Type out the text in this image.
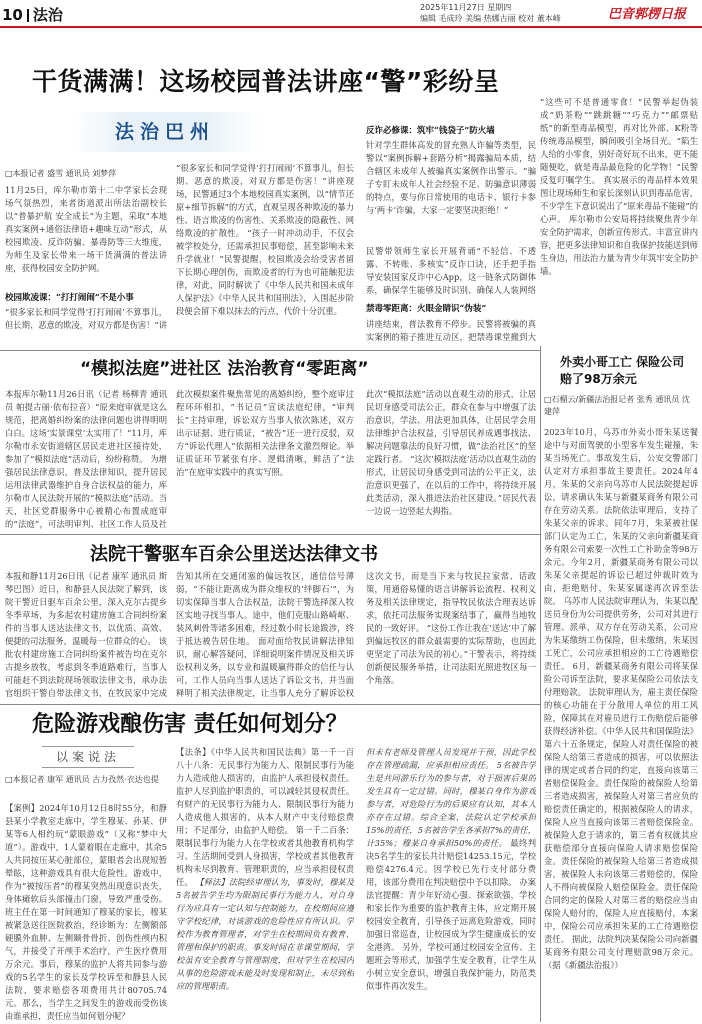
10 法治	2025年11月27日 星期四
编辑 毛成玲 美编 热娜古丽 校对 董本峰	巴音郭楞日报
干货满满！这场校园普法讲座“警”彩纷呈
法治巴州
□本报记者 盛雪 通讯员 刘梦萍
11月25日，库尔勒市第十二中学家长会现场气氛热烈，来者街道派出所法治副校长以“普暴护航 安全成长”为主题，采取“本地真实案例+通俗法律语+趣味互动”形式，从校园欺凌、反诈防骗、暴毒防等三大维度，为师生及家长带来一场干货满满的普法讲座，获得校园安全防护网。
校园欺凌课：“打打闹闹”不是小事
“很多家长和同学觉得‘打打闹闹’不算事儿，但长期、恶意的欺凌，对双方都是伤害！”讲
“很多家长和同学觉得‘打打闹闹’不算事儿，但长期、恶意的欺凌，对双方都是伤害！”讲座现场，民警通过3个本地校园真实案例，以“情节还原+细节拆解”的方式，直观呈现各种欺凌的暴力性、语言欺凌的伤害性、关系欺凌的隐蔽性、网络欺凌的扩散性。 “孩子一时冲动动手，不仅会被学校处分，还需承担民事赔偿，甚至影响未来升学就业！”民警提醒，校园欺凌会给受害者留下长期心理创伤，而欺凌者的行为也可能触犯法律，对此，同时解读了《中华人民共和国未成年人保护法》《中华人民共和国刑法》，入围起步阶段便会留下难以抹去的污点，代价十分沉重。
反诈必修课：筑牢“钱袋子”防火墙
针对学生群体高发的冒充熟人诈骗等类型，民警以“案例拆解+套路分析”揭露骗局本质，结合辖区未成年人被骗真实案例作出警示。“骗子专盯未成年人社会经验不足、防骗意识薄弱的特点，要与你日常使用的电话卡、银行卡参与‘两卡’诈骗，大家一定要坚决拒绝！”
民警带领师生家长开展背诵“不轻信、不透露、不转账、多核实”反诈口诀，还手把手指导安装国家反诈中心App，这一链条式防御体系，确保学生能够及时识别、确保人人装网络
禁毒零距离：火眼金睛识“伪装”
讲座结束，普法教育不停步。民警将被骗的真实案例的箱子推进互动区，把禁毒课堂搬到大
“这些可不是普通零食！”民警举起伪装成“奶茶粉”“跳跳糖”“巧克力”“邮票贴纸”的新型毒品模型，再对比外部、K粉等传统毒品模型，瞬间吸引全场目光。“陷生人给的小零食，别好奇好玩不出来，更不能随便吃，就是毒品最危险的化学物！”民警反复叮嘱学生。 真实展示的毒品样本效果图让现场师生和家长深刻认识到毒品危害，不少学生下意识说出了“原来毒品不能碰”的心声。 库尔勒市公安局将持续聚焦青少年安全防护需求，创新宣传形式、丰富宣讲内容，把更多法律知识和自我保护技能送到师生身边，用法治力量为青少年筑牢安全防护墙。
“模拟法庭”进社区 法治教育“零距离”
本报库尔勒11月26日讯（记者 杨柳青 通讯员 帕提古丽·依布拉音）“原来庭审就是这么规范，把离婚纠纷案的法律问题也讲得明明白白。这场‘实景课堂’太实用了！”11月，库尔勒市永安街道辖区居民走进社区接待处，参加了“模拟法庭”活动后，纷纷称赞。 为增强居民法律意识，普及法律知识，提升居民运用法律武器维护自身合法权益的能力，库尔勒市人民法院开展的“模拟法庭”活动。当天，社区党群服务中心被精心布置成庭审的“法庭”，可法明审判、社区工作人员及社
此次模拟案件聚焦常见的离婚纠纷，整个庭审过程环环相扣，“书记员”宣读法庭纪律，“审判长”主持审理，诉讼双方当事人依次陈述，双方出示证据、进行质证，“被告”还一进行反驳，双方“诉讼代理人”依据相关法律条文激烈辩论。举证质证环节紧张有序、逻辑清晰，鲜活了“法治”在庭审实践中的真实写照。
此次“模拟法庭”活动以直观生动的形式，让居民切身感受司法公正，群众在参与中增强了法治意识，学法、用法更加具体，让居民学会用法律维护合法权益，引导居民养成遇事找法、解决问题靠法的良好习惯，做“法治社区”的坚定践行者。 “这次‘模拟法庭’活动以直观生动的形式，让居民切身感受到司法的公平正义，法治意识更强了，在以后的工作中，将持续开展此类活动，深入推进法治社区建设。”居民代表一边说一边竖起大拇指。
法院干警驱车百余公里送达法律文书
本报和静11月26日讯（记者 康军 通讯员 斯琴巴图）近日，和静县人民法院了解到，该院干警近日驱车百余公里，深入克尔古提乡冬季草场，为多起农村建房施工合同纠纷案件的当事人送达法律文书，以优质、高效、便捷的司法服务，温暖每一位群众的心。 该批农村建房施工合同纠纷案件被告均在克尔古提乡放牧，考虑到冬季道路难行，当事人可能赶不到法院现场领取法律文书，承办法官组织干警自带法律文书，在牧民家中完成
告知其所在交通闭塞的偏远牧区，通信信号薄弱，“不能让距离成为群众维权的‘绊脚石’”，为切实保障当事人合法权益，法院干警选择深入牧区实地寻找当事人。途中，他们克服山路崎岖、装风刺骨等诸多困难，经过数小时长途跋涉，终于抵达被告居住地。 面对面给牧民讲解法律知识，耐心解答疑问，详细说明案件情况及相关诉讼权利义务，以专业和温暖赢得群众的信任与认可，工作人员向当事人送达了诉讼文书，并当面释明了相关法律规定，让当事人充分了解诉讼权
这次文书，而是当下来与牧民拉家常、话政策，用通俗易懂的语言讲解诉讼流程、权利义务及相关法律规定，指导牧民依法合理表达诉求，依托司法服务实现案结事了，赢得当地牧民的一致好评。 “这份工作让我在‘送达’中了解到偏远牧区的群众最需要的实际帮助，也因此更坚定了司法为民的初心。”干警表示，将持续创新便民服务举措，让司法阳光照进牧区每一个角落。
危险游戏酿伤害 责任如何划分？
以案说法
□本报记者 康军 通讯员 古力孜然·衣达也提
【案例】2024年10月12日8时55分，和静县某小学教室走廊中，学生穆某、孙某、伊某等6人相约玩“蒙眼游戏”（又称“梦中大道”）。游戏中，1人蒙着眼在走廊中，其余5人共同按压某心脏部位，蒙眼者会出现短暂晕眩，这种游戏具有很大危险性。游戏中，作为“被按压者”的穆某突然出现意识丧失，身体瘫软后头部撞击门窗，导致严重受伤。 班主任在第一时间通知了穆某的家长，穆某被紧急送往医院救治，经诊断为：左侧额部硬膜外血肿、左侧颞骨骨折、创伤性颅内积气，并接受了开颅手术治疗，产生医疗费用万余元。事后，穆某的监护人将共同参与游戏的5名学生的家长及学校诉至和静县人民法院，要求赔偿各项费用共计80705.74元。那么，当学生之间发生的游戏而受伤该由谁承担，责任应当如何划分呢？
【法条】《中华人民共和国民法典》第一千一百八十八条：无民事行为能力人、限制民事行为能力人造成他人损害的，由监护人承担侵权责任。监护人尽到监护职责的，可以减轻其侵权责任。 有财产的无民事行为能力人、限制民事行为能力人造成他人损害的，从本人财产中支付赔偿费用；不足部分，由监护人赔偿。 第一千二百条：限制民事行为能力人在学校或者其他教育机构学习、生活期间受到人身损害，学校或者其他教育机构未尽到教育、管理职责的，应当承担侵权责任。 【释法】法院经审理认为，事发时，穆某及5名被告学生均为限制民事行为能力人，对自身行为应具有一定认知与控制能力，在校期间应遵守学校纪律，对该游戏的危险性应有所认识。学校作为教育管理者，对学生在校期间负有教育、管理和保护的职责。事发时间在非课堂期间，学校虽有安全教育与管理制度，但对学生在校园内从事的危险游戏未能及时发现和制止，未尽到相应的管理职责。
但未有老师及管理人员发现并干预，因此学校存在管理疏漏，应承担相应责任。 5名被告学生是共同游乐行为的参与者，对于损害后果的发生具有一定过错。同时，穆某自身作为游戏参与者，对危险行为的后果应有认知，其本人亦存在过错。综合全案，法院认定学校承担15%的责任，5名被告学生各承担7%的责任，计35%；穆某自身承担50%的责任。 最终判决5名学生的家长共计赔偿14253.15元，学校赔偿4276.4元。因学校已先行支付部分费用，该部分费用在判决赔偿中予以扣除。 办案法官提醒：青少年好动心强、探索欲强，学校和家长作为重要的监护教育主体，应定期开展校园安全教育，引导孩子远离危险游戏，同时加强日常巡查，让校园成为学生健康成长的安全港湾。 另外，学校可通过校园安全宣传、主题班会等形式，加强学生安全教育，让学生从小树立安全意识，增强自我保护能力，防范类似事件再次发生。
外卖小哥工亡 保险公司赔了98万余元
□石榴云/新疆法治报记者 张秀 通讯员 沈建萍
2023年10月，乌苏市外卖小哥朱某送餐途中与对面驾驶的小型客车发生碰撞，朱某当场死亡。事故发生后，公安交警部门认定对方承担事故主要责任。2024年4月，朱某的父亲向乌苏市人民法院提起诉讼，请求确认朱某与新疆某商务有限公司存在劳动关系。法院依法审理后，支持了朱某父亲的诉求。同年7月，朱某被社保部门认定为工亡，朱某的父亲向新疆某商务有限公司索要一次性工亡补助金等98万余元。今年2月，新疆某商务有限公司以朱某父亲提起的诉讼已超过仲裁时效为由，拒绝赔付，朱某家属遂再次诉至法院。 乌苏市人民法院审理认为，朱某以配送员身份为公司提供劳务，公司对其进行管理、派单，双方存在劳动关系，公司应为朱某缴纳工伤保险，但未缴纳，朱某因工死亡，公司应承担相应的工亡待遇赔偿责任。 6月，新疆某商务有限公司将某保险公司诉至法院，要求某保险公司依法支付理赔款。 法院审理认为，雇主责任保险的核心功能在于分散用人单位的用工风险，保障其在对雇员进行工伤赔偿后能够获得经济补偿。《中华人民共和国保险法》第六十五条规定，保险人对责任保险的被保险人给第三者造成的损害，可以依照法律的规定或者合同的约定，直接向该第三者赔偿保险金。责任保险的被保险人给第三者造成损害，被保险人对第三者应负的赔偿责任确定的，根据被保险人的请求，保险人应当直接向该第三者赔偿保险金。被保险人怠于请求的，第三者有权就其应获赔偿部分直接向保险人请求赔偿保险金。责任保险的被保险人给第三者造成损害，被保险人未向该第三者赔偿的，保险人不得向被保险人赔偿保险金。责任保险合同约定的保险人对第三者的赔偿应当由保险人赔付的，保险人应直接赔付，本案中，保险公司应承担朱某的工亡待遇赔偿责任。 据此，法院判决某保险公司向新疆某商务有限公司支付理赔款98万余元。（据《新疆法治报》）
